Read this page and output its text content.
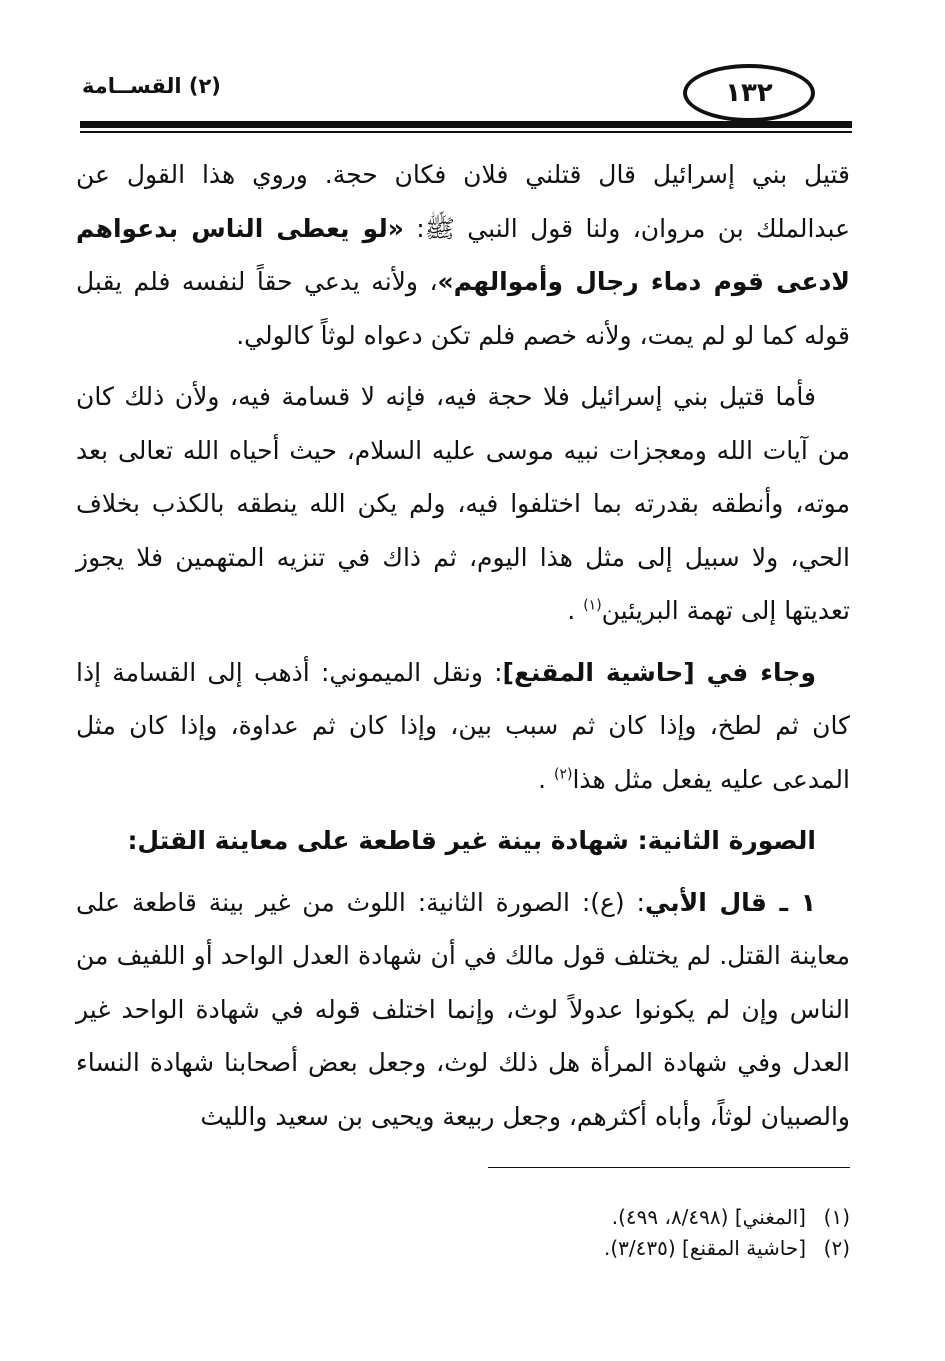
(٢) القســامة	١٣٢

قتيل بني إسرائيل قال قتلني فلان فكان حجة. وروي هذا القول عن عبدالملك بن مروان، ولنا قول النبي ﷺ: «لو يعطى الناس بدعواهم لادعى قوم دماء رجال وأموالهم»، ولأنه يدعي حقاً لنفسه فلم يقبل قوله كما لو لم يمت، ولأنه خصم فلم تكن دعواه لوثاً كالولي.

فأما قتيل بني إسرائيل فلا حجة فيه، فإنه لا قسامة فيه، ولأن ذلك كان من آيات الله ومعجزات نبيه موسى عليه السلام، حيث أحياه الله تعالى بعد موته، وأنطقه بقدرته بما اختلفوا فيه، ولم يكن الله ينطقه بالكذب بخلاف الحي، ولا سبيل إلى مثل هذا اليوم، ثم ذاك في تنزيه المتهمين فلا يجوز تعديتها إلى تهمة البريئين$^{(١)}$ .

وجاء في [حاشية المقنع]: ونقل الميموني: أذهب إلى القسامة إذا كان ثم لطخ، وإذا كان ثم سبب بين، وإذا كان ثم عداوة، وإذا كان مثل المدعى عليه يفعل مثل هذا$^{(٢)}$ .

الصورة الثانية: شهادة بينة غير قاطعة على معاينة القتل:

١ ـ قال الأبي: (ع): الصورة الثانية: اللوث من غير بينة قاطعة على معاينة القتل. لم يختلف قول مالك في أن شهادة العدل الواحد أو اللفيف من الناس وإن لم يكونوا عدولاً لوث، وإنما اختلف قوله في شهادة الواحد غير العدل وفي شهادة المرأة هل ذلك لوث، وجعل بعض أصحابنا شهادة النساء والصبيان لوثاً، وأباه أكثرهم، وجعل ربيعة ويحيى بن سعيد والليث

(١)[المغني] (٨/٤٩٨، ٤٩٩).
(٢)[حاشية المقنع] (٣/٤٣٥).
